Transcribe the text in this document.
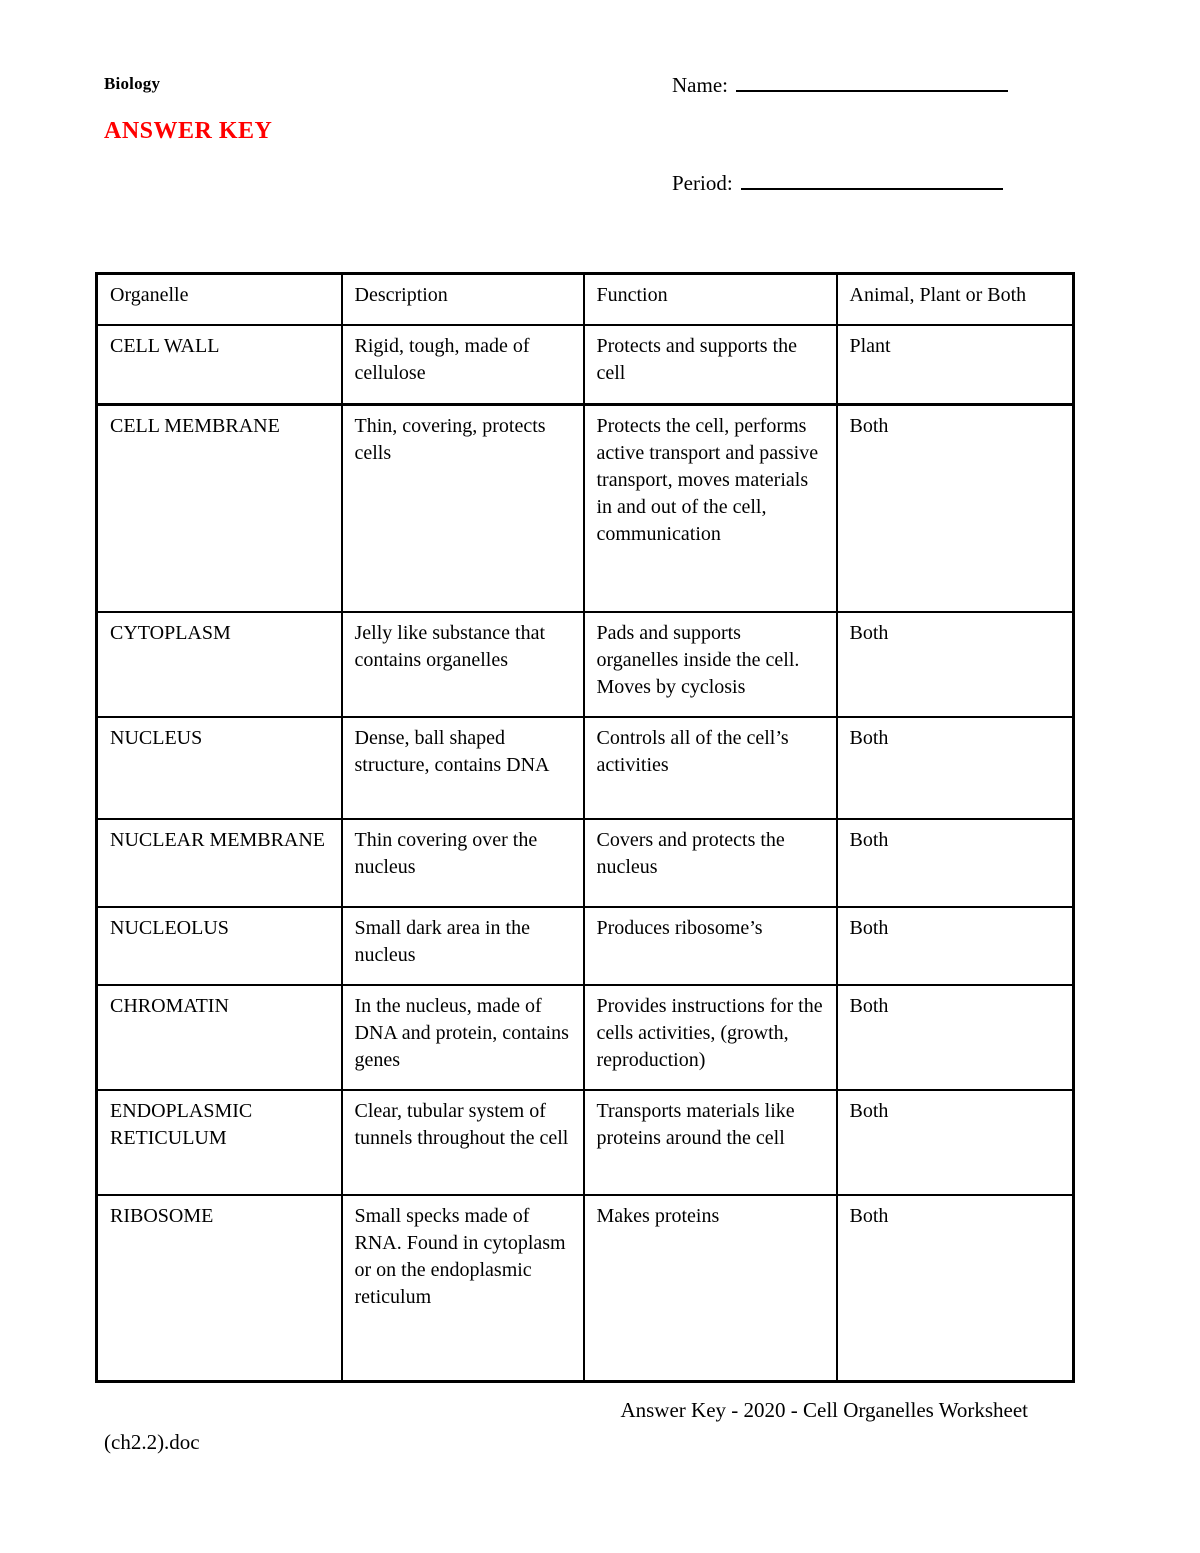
Biology
ANSWER KEY
Name:
Period:
Organelle	Description	Function	Animal, Plant or Both
CELL WALL	Rigid, tough, made of cellulose	Protects and supports the cell	Plant
CELL MEMBRANE	Thin, covering, protects cells	Protects the cell, performs active transport and passive transport, moves materials in and out of the cell, communication	Both
CYTOPLASM	Jelly like substance that contains organelles	Pads and supports organelles inside the cell. Moves by cyclosis	Both
NUCLEUS	Dense, ball shaped structure, contains DNA	Controls all of the cell’s activities	Both
NUCLEAR MEMBRANE	Thin covering over the nucleus	Covers and protects the nucleus	Both
NUCLEOLUS	Small dark area in the nucleus	Produces ribosome’s	Both
CHROMATIN	In the nucleus, made of DNA and protein, contains genes	Provides instructions for the cells activities, (growth, reproduction)	Both
ENDOPLASMIC RETICULUM	Clear, tubular system of tunnels throughout the cell	Transports materials like proteins around the cell	Both
RIBOSOME	Small specks made of RNA. Found in cytoplasm or on the endoplasmic reticulum	Makes proteins	Both
Answer Key - 2020 - Cell Organelles Worksheet
(ch2.2).doc
